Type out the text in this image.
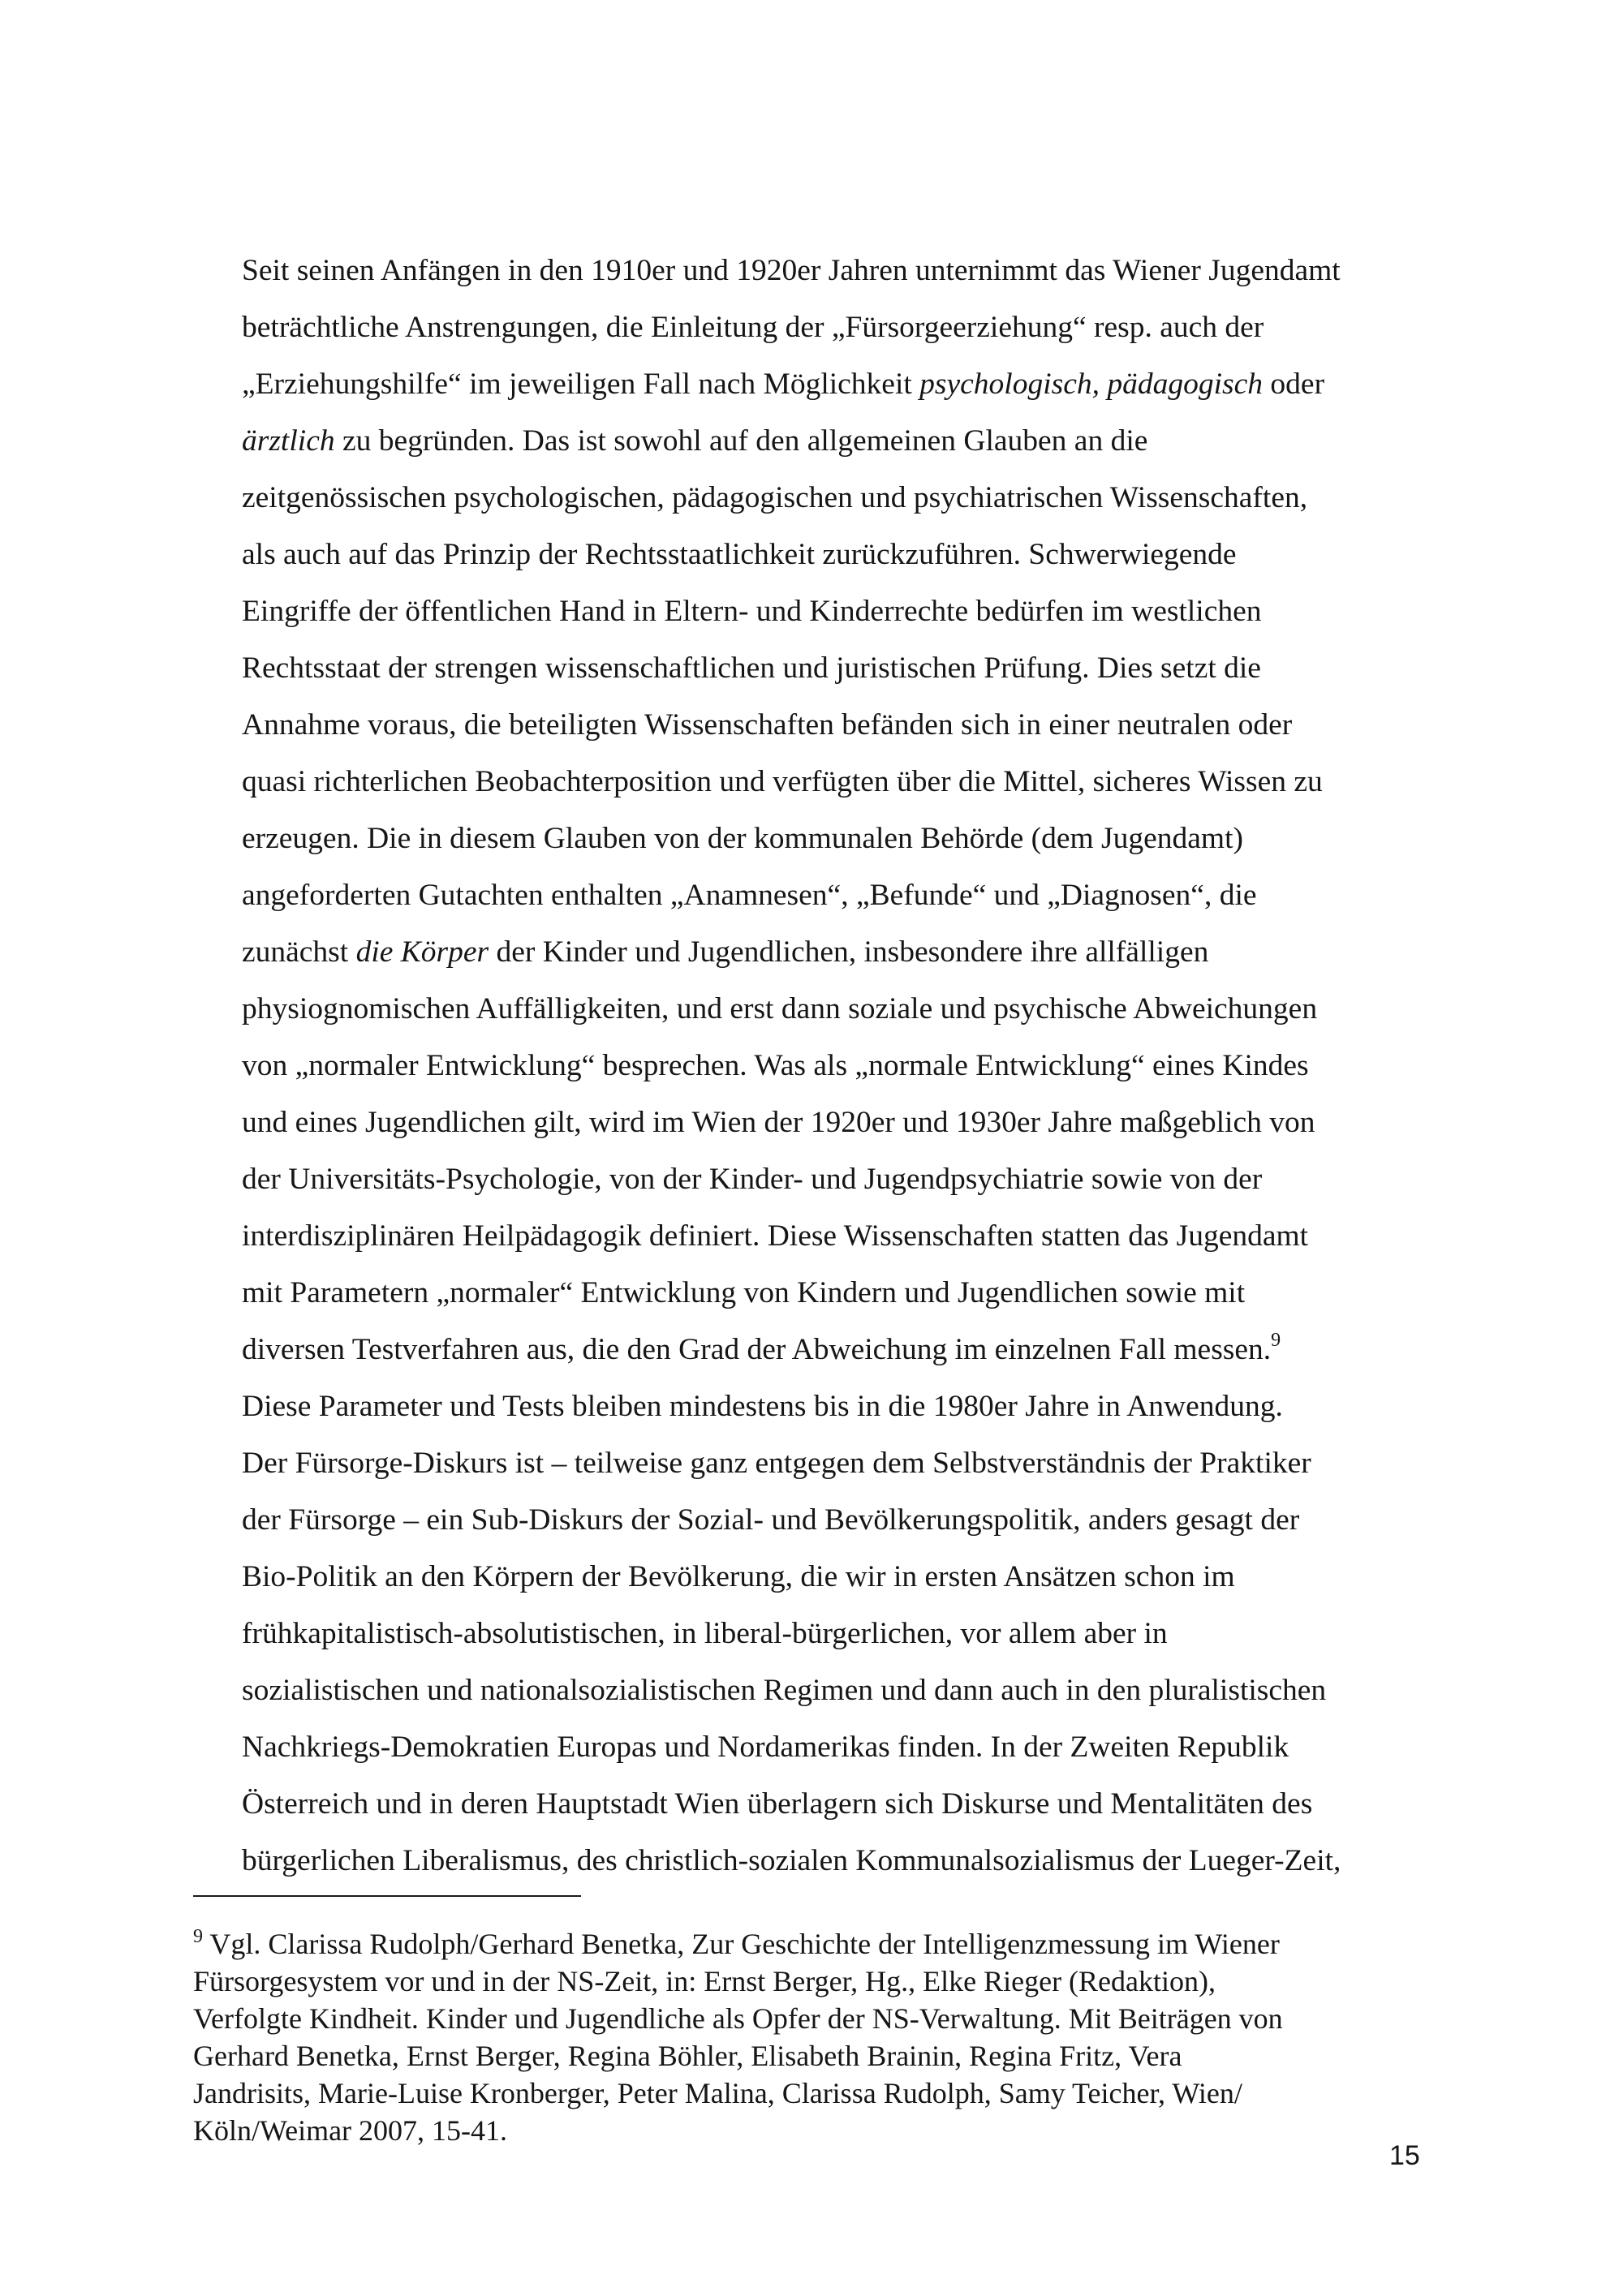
Seit seinen Anfängen in den 1910er und 1920er Jahren unternimmt das Wiener Jugendamt

beträchtliche Anstrengungen, die Einleitung der „Fürsorgeerziehung“ resp. auch der

„Erziehungshilfe“ im jeweiligen Fall nach Möglichkeit psychologisch, pädagogisch oder

ärztlich zu begründen. Das ist sowohl auf den allgemeinen Glauben an die

zeitgenössischen psychologischen, pädagogischen und psychiatrischen Wissenschaften,

als auch auf das Prinzip der Rechtsstaatlichkeit zurückzuführen. Schwerwiegende

Eingriffe der öffentlichen Hand in Eltern- und Kinderrechte bedürfen im westlichen

Rechtsstaat der strengen wissenschaftlichen und juristischen Prüfung. Dies setzt die

Annahme voraus, die beteiligten Wissenschaften befänden sich in einer neutralen oder

quasi richterlichen Beobachterposition und verfügten über die Mittel, sicheres Wissen zu

erzeugen. Die in diesem Glauben von der kommunalen Behörde (dem Jugendamt)

angeforderten Gutachten enthalten „Anamnesen“, „Befunde“ und „Diagnosen“, die

zunächst die Körper der Kinder und Jugendlichen, insbesondere ihre allfälligen

physiognomischen Auffälligkeiten, und erst dann soziale und psychische Abweichungen

von „normaler Entwicklung“ besprechen. Was als „normale Entwicklung“ eines Kindes

und eines Jugendlichen gilt, wird im Wien der 1920er und 1930er Jahre maßgeblich von

der Universitäts-Psychologie, von der Kinder- und Jugendpsychiatrie sowie von der

interdisziplinären Heilpädagogik definiert. Diese Wissenschaften statten das Jugendamt

mit Parametern „normaler“ Entwicklung von Kindern und Jugendlichen sowie mit

diversen Testverfahren aus, die den Grad der Abweichung im einzelnen Fall messen.$^9$

Diese Parameter und Tests bleiben mindestens bis in die 1980er Jahre in Anwendung.

Der Fürsorge-Diskurs ist – teilweise ganz entgegen dem Selbstverständnis der Praktiker

der Fürsorge – ein Sub-Diskurs der Sozial- und Bevölkerungspolitik, anders gesagt der

Bio-Politik an den Körpern der Bevölkerung, die wir in ersten Ansätzen schon im

frühkapitalistisch-absolutistischen, in liberal-bürgerlichen, vor allem aber in

sozialistischen und nationalsozialistischen Regimen und dann auch in den pluralistischen

Nachkriegs-Demokratien Europas und Nordamerikas finden. In der Zweiten Republik

Österreich und in deren Hauptstadt Wien überlagern sich Diskurse und Mentalitäten des

bürgerlichen Liberalismus, des christlich-sozialen Kommunalsozialismus der Lueger-Zeit,

$^9$ Vgl. Clarissa Rudolph/Gerhard Benetka, Zur Geschichte der Intelligenzmessung im Wiener

Fürsorgesystem vor und in der NS-Zeit, in: Ernst Berger, Hg., Elke Rieger (Redaktion),

Verfolgte Kindheit. Kinder und Jugendliche als Opfer der NS-Verwaltung. Mit Beiträgen von

Gerhard Benetka, Ernst Berger, Regina Böhler, Elisabeth Brainin, Regina Fritz, Vera

Jandrisits, Marie-Luise Kronberger, Peter Malina, Clarissa Rudolph, Samy Teicher, Wien/

Köln/Weimar 2007, 15-41.

15
